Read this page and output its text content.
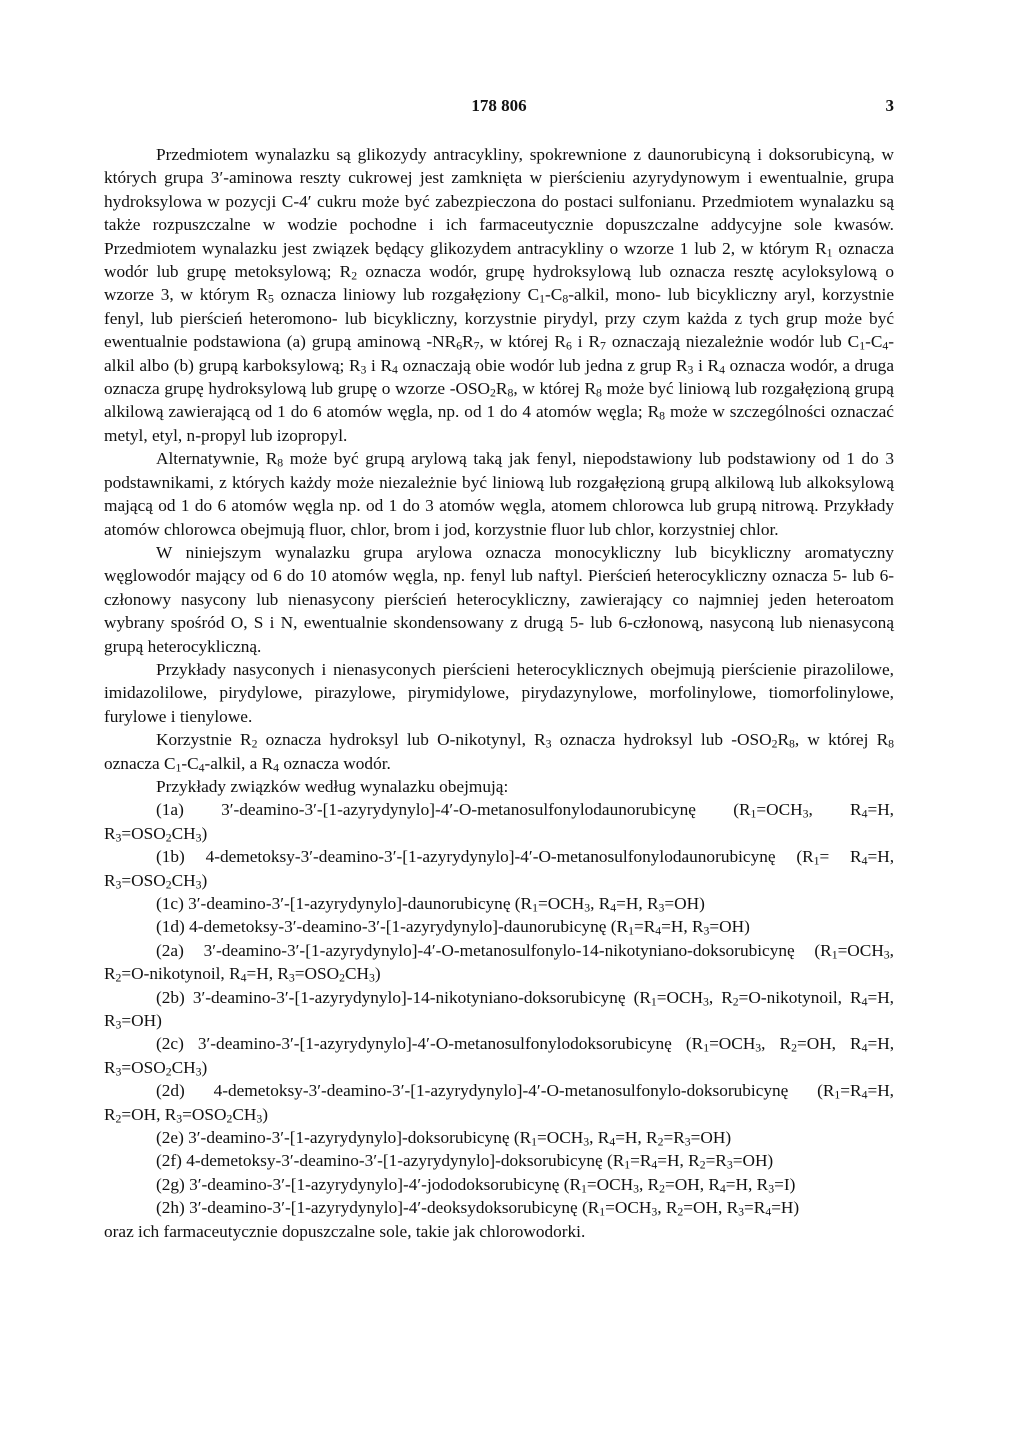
178 806	3

Przedmiotem wynalazku są glikozydy antracykliny, spokrewnione z daunorubicyną i doksorubicyną, w których grupa 3′-aminowa reszty cukrowej jest zamknięta w pierścieniu azyrydynowym i ewentualnie, grupa hydroksylowa w pozycji C-4′ cukru może być zabezpieczona do postaci sulfonianu. Przedmiotem wynalazku są także rozpuszczalne w wodzie pochodne i ich farmaceutycznie dopuszczalne addycyjne sole kwasów. Przedmiotem wynalazku jest związek będący glikozydem antracykliny o wzorze 1 lub 2, w którym $R_1$ oznacza wodór lub grupę metoksylową; $R_2$ oznacza wodór, grupę hydroksylową lub oznacza resztę acyloksylową o wzorze 3, w którym $R_5$ oznacza liniowy lub rozgałęziony $C_1-C_8$-alkil, mono- lub bicykliczny aryl, korzystnie fenyl, lub pierścień heteromono- lub bicykliczny, korzystnie pirydyl, przy czym każda z tych grup może być ewentualnie podstawiona (a) grupą aminową $-NR_6R_7$, w której $R_6$ i $R_7$ oznaczają niezależnie wodór lub $C_1-C_4$-alkil albo (b) grupą karboksylową; $R_3$ i $R_4$ oznaczają obie wodór lub jedna z grup $R_3$ i $R_4$ oznacza wodór, a druga oznacza grupę hydroksylową lub grupę o wzorze $-OSO_2R_8$, w której $R_8$ może być liniową lub rozgałęzioną grupą alkilową zawierającą od 1 do 6 atomów węgla, np. od 1 do 4 atomów węgla; $R_8$ może w szczególności oznaczać metyl, etyl, n-propyl lub izopropyl.

Alternatywnie, $R_8$ może być grupą arylową taką jak fenyl, niepodstawiony lub podstawiony od 1 do 3 podstawnikami, z których każdy może niezależnie być liniową lub rozgałęzioną grupą alkilową lub alkoksylową mającą od 1 do 6 atomów węgla np. od 1 do 3 atomów węgla, atomem chlorowca lub grupą nitrową. Przykłady atomów chlorowca obejmują fluor, chlor, brom i jod, korzystnie fluor lub chlor, korzystniej chlor.

W niniejszym wynalazku grupa arylowa oznacza monocykliczny lub bicykliczny aromatyczny węglowodór mający od 6 do 10 atomów węgla, np. fenyl lub naftyl. Pierścień heterocykliczny oznacza 5- lub 6-członowy nasycony lub nienasycony pierścień heterocykliczny, zawierający co najmniej jeden heteroatom wybrany spośród O, S i N, ewentualnie skondensowany z drugą 5- lub 6-członową, nasyconą lub nienasyconą grupą heterocykliczną.

Przykłady nasyconych i nienasyconych pierścieni heterocyklicznych obejmują pierścienie pirazolilowe, imidazolilowe, pirydylowe, pirazylowe, pirymidylowe, pirydazynylowe, morfolinylowe, tiomorfolinylowe, furylowe i tienylowe.

Korzystnie $R_2$ oznacza hydroksyl lub O-nikotynyl, $R_3$ oznacza hydroksyl lub $-OSO_2R_8$, w której $R_8$ oznacza $C_1-C_4$-alkil, a $R_4$ oznacza wodór.

Przykłady związków według wynalazku obejmują:

(1a) 3′-deamino-3′-[1-azyrydynylo]-4′-O-metanosulfonylodaunorubicynę ($R_1=OCH_3$, $R_4=H$, $R_3=OSO_2CH_3$)

(1b) 4-demetoksy-3′-deamino-3′-[1-azyrydynylo]-4′-O-metanosulfonylodaunorubicynę ($R_1= R_4=H$, $R_3=OSO_2CH_3$)

(1c) 3′-deamino-3′-[1-azyrydynylo]-daunorubicynę ($R_1=OCH_3$, $R_4=H$, $R_3=OH$)

(1d) 4-demetoksy-3′-deamino-3′-[1-azyrydynylo]-daunorubicynę ($R_1=R_4=H$, $R_3=OH$)

(2a) 3′-deamino-3′-[1-azyrydynylo]-4′-O-metanosulfonylo-14-nikotyniano-doksorubicynę ($R_1=OCH_3$, $R_2=O$-nikotynoil, $R_4=H$, $R_3=OSO_2CH_3$)

(2b) 3′-deamino-3′-[1-azyrydynylo]-14-nikotyniano-doksorubicynę ($R_1=OCH_3$, $R_2=O$-nikotynoil, $R_4=H$, $R_3=OH$)

(2c) 3′-deamino-3′-[1-azyrydynylo]-4′-O-metanosulfonylodoksorubicynę ($R_1=OCH_3$, $R_2=OH$, $R_4=H$, $R_3=OSO_2CH_3$)

(2d) 4-demetoksy-3′-deamino-3′-[1-azyrydynylo]-4′-O-metanosulfonylo-doksorubicynę ($R_1=R_4=H$, $R_2=OH$, $R_3=OSO_2CH_3$)

(2e) 3′-deamino-3′-[1-azyrydynylo]-doksorubicynę ($R_1=OCH_3$, $R_4=H$, $R_2=R_3=OH$)

(2f) 4-demetoksy-3′-deamino-3′-[1-azyrydynylo]-doksorubicynę ($R_1=R_4=H$, $R_2=R_3=OH$)

(2g) 3′-deamino-3′-[1-azyrydynylo]-4′-jododoksorubicynę ($R_1=OCH_3$, $R_2=OH$, $R_4=H$, $R_3=I$)

(2h) 3′-deamino-3′-[1-azyrydynylo]-4′-deoksydoksorubicynę ($R_1=OCH_3$, $R_2=OH$, $R_3=R_4=H$)

oraz ich farmaceutycznie dopuszczalne sole, takie jak chlorowodorki.
